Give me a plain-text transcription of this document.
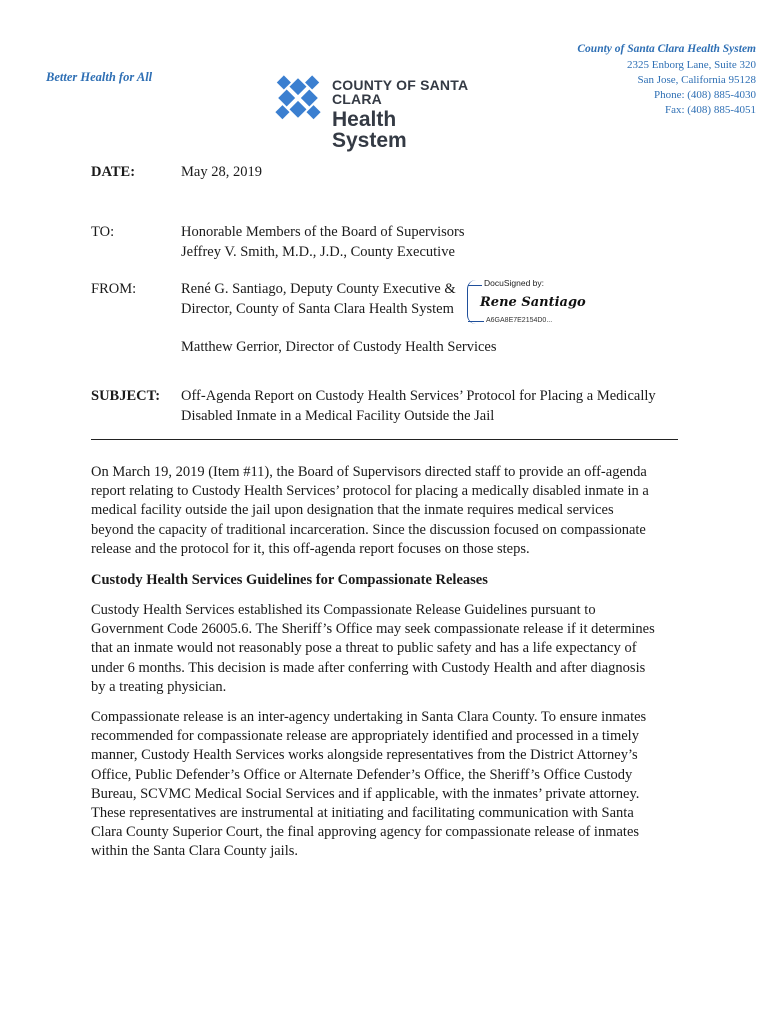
Better Health for All	COUNTY OF SANTA CLARA
Health System
County of Santa Clara Health System
2325 Enborg Lane, Suite 320
San Jose, California 95128
Phone: (408) 885-4030
Fax: (408) 885-4051
DATE:	May 28, 2019
TO:	Honorable Members of the Board of Supervisors
Jeffrey V. Smith, M.D., J.D., County Executive
FROM:	René G. Santiago, Deputy County Executive &
Director, County of Santa Clara Health System
DocuSigned by:
Rene Santiago
A6GA8E7E2154D0...
Matthew Gerrior, Director of Custody Health Services
SUBJECT:	Off-Agenda Report on Custody Health Services’ Protocol for Placing a Medically
Disabled Inmate in a Medical Facility Outside the Jail
On March 19, 2019 (Item #11), the Board of Supervisors directed staff to provide an off-agenda
report relating to Custody Health Services’ protocol for placing a medically disabled inmate in a
medical facility outside the jail upon designation that the inmate requires medical services
beyond the capacity of traditional incarceration. Since the discussion focused on compassionate
release and the protocol for it, this off-agenda report focuses on those steps.
Custody Health Services Guidelines for Compassionate Releases
Custody Health Services established its Compassionate Release Guidelines pursuant to
Government Code 26005.6. The Sheriff’s Office may seek compassionate release if it determines
that an inmate would not reasonably pose a threat to public safety and has a life expectancy of
under 6 months. This decision is made after conferring with Custody Health and after diagnosis
by a treating physician.
Compassionate release is an inter-agency undertaking in Santa Clara County. To ensure inmates
recommended for compassionate release are appropriately identified and processed in a timely
manner, Custody Health Services works alongside representatives from the District Attorney’s
Office, Public Defender’s Office or Alternate Defender’s Office, the Sheriff’s Office Custody
Bureau, SCVMC Medical Social Services and if applicable, with the inmates’ private attorney.
These representatives are instrumental at initiating and facilitating communication with Santa
Clara County Superior Court, the final approving agency for compassionate release of inmates
within the Santa Clara County jails.
